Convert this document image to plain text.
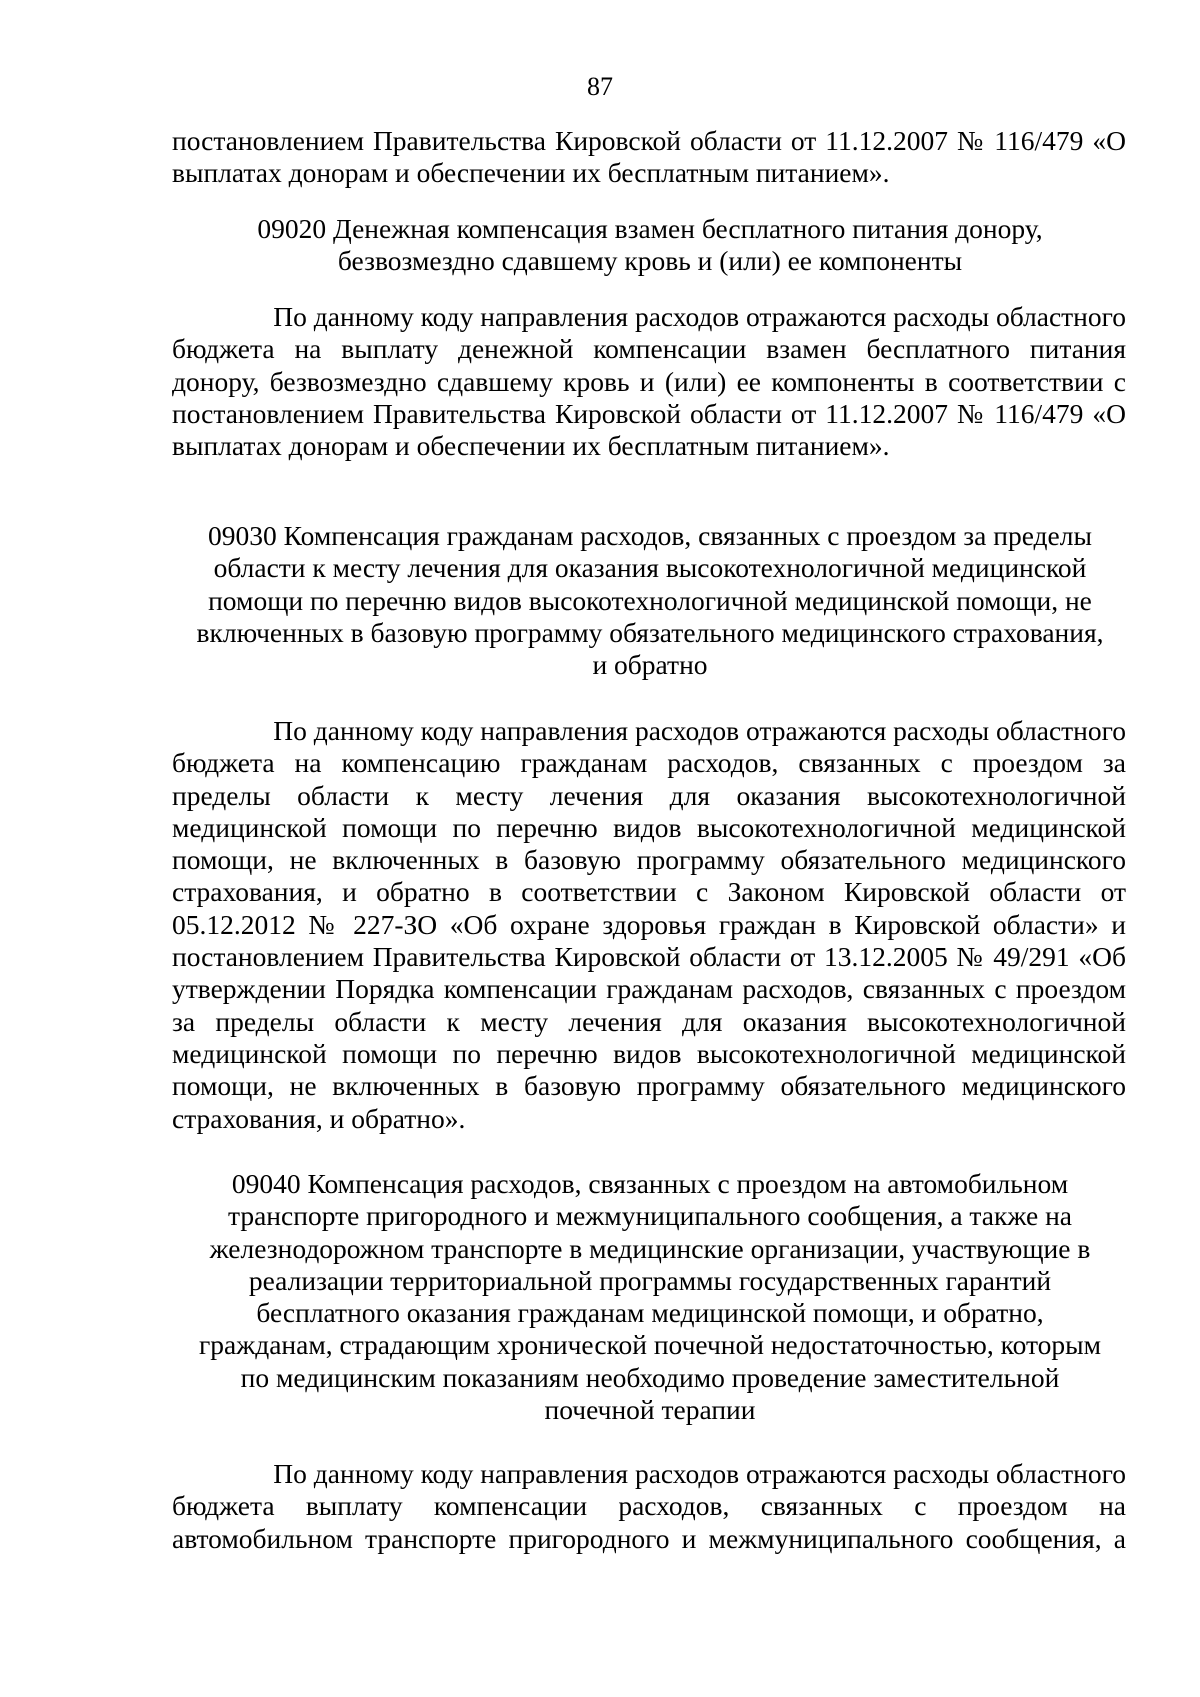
87
постановлением Правительства Кировской области от 11.12.2007 № 116/479 «О
выплатах донорам и обеспечении их бесплатным питанием».
09020 Денежная компенсация взамен бесплатного питания донору,
безвозмездно сдавшему кровь и (или) ее компоненты
По данному коду направления расходов отражаются расходы областного
бюджета на выплату денежной компенсации взамен бесплатного питания
донору, безвозмездно сдавшему кровь и (или) ее компоненты в соответствии с
постановлением Правительства Кировской области от 11.12.2007 № 116/479 «О
выплатах донорам и обеспечении их бесплатным питанием».
09030 Компенсация гражданам расходов, связанных с проездом за пределы
области к месту лечения для оказания высокотехнологичной медицинской
помощи по перечню видов высокотехнологичной медицинской помощи, не
включенных в базовую программу обязательного медицинского страхования,
и обратно
По данному коду направления расходов отражаются расходы областного
бюджета на компенсацию гражданам расходов, связанных с проездом за
пределы области к месту лечения для оказания высокотехнологичной
медицинской помощи по перечню видов высокотехнологичной медицинской
помощи, не включенных в базовую программу обязательного медицинского
страхования, и обратно в соответствии с Законом Кировской области от
05.12.2012 № 227-ЗО «Об охране здоровья граждан в Кировской области» и
постановлением Правительства Кировской области от 13.12.2005 № 49/291 «Об
утверждении Порядка компенсации гражданам расходов, связанных с проездом
за пределы области к месту лечения для оказания высокотехнологичной
медицинской помощи по перечню видов высокотехнологичной медицинской
помощи, не включенных в базовую программу обязательного медицинского
страхования, и обратно».
09040 Компенсация расходов, связанных с проездом на автомобильном
транспорте пригородного и межмуниципального сообщения, а также на
железнодорожном транспорте в медицинские организации, участвующие в
реализации территориальной программы государственных гарантий
бесплатного оказания гражданам медицинской помощи, и обратно,
гражданам, страдающим хронической почечной недостаточностью, которым
по медицинским показаниям необходимо проведение заместительной
почечной терапии
По данному коду направления расходов отражаются расходы областного
бюджета выплату компенсации расходов, связанных с проездом на
автомобильном транспорте пригородного и межмуниципального сообщения, а
